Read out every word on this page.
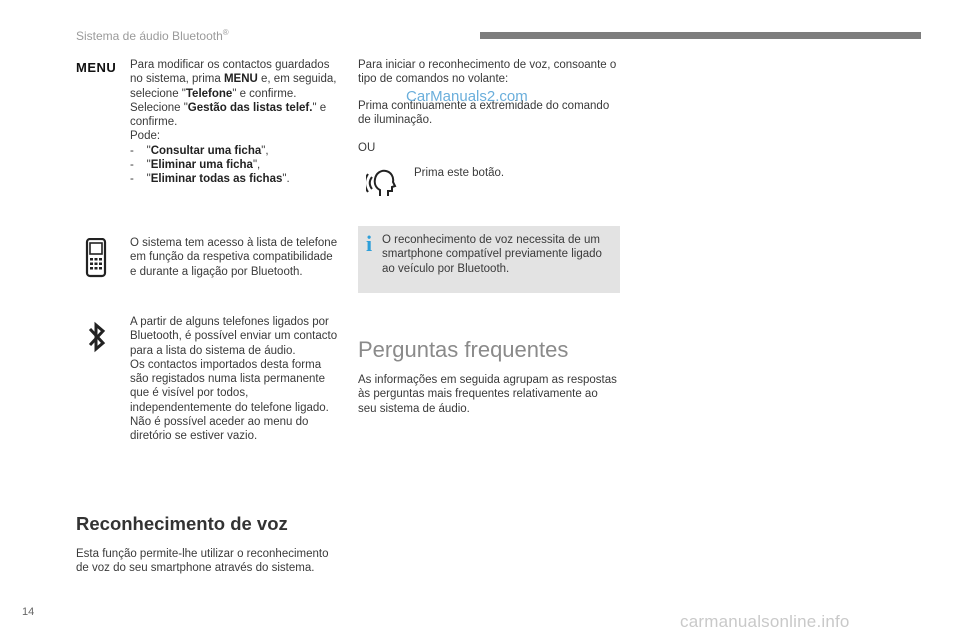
Sistema de áudio Bluetooth®
MENU Para modificar os contactos guardados no sistema, prima MENU e, em seguida, selecione "Telefone" e confirme.

Selecione "Gestão das listas telef." e confirme.

Pode:

-    "Consultar uma ficha",

-    "Eliminar uma ficha",

-    "Eliminar todas as fichas".

O sistema tem acesso à lista de telefone em função da respetiva compatibilidade e durante a ligação por Bluetooth.

A partir de alguns telefones ligados por Bluetooth, é possível enviar um contacto para a lista do sistema de áudio.

Os contactos importados desta forma são registados numa lista permanente que é visível por todos, independentemente do telefone ligado.

Não é possível aceder ao menu do diretório se estiver vazio.

Reconhecimento de voz
Esta função permite-lhe utilizar o reconhecimento de voz do seu smartphone através do sistema.
Para iniciar o reconhecimento de voz, consoante o tipo de comandos no volante:
Prima continuamente a extremidade do comando de iluminação.
CarManuals2.com
OU
Prima este botão.
i O reconhecimento de voz necessita de um smartphone compatível previamente ligado ao veículo por Bluetooth.
Perguntas frequentes
As informações em seguida agrupam as respostas às perguntas mais frequentes relativamente ao seu sistema de áudio.
14	carmanualsonline.info
